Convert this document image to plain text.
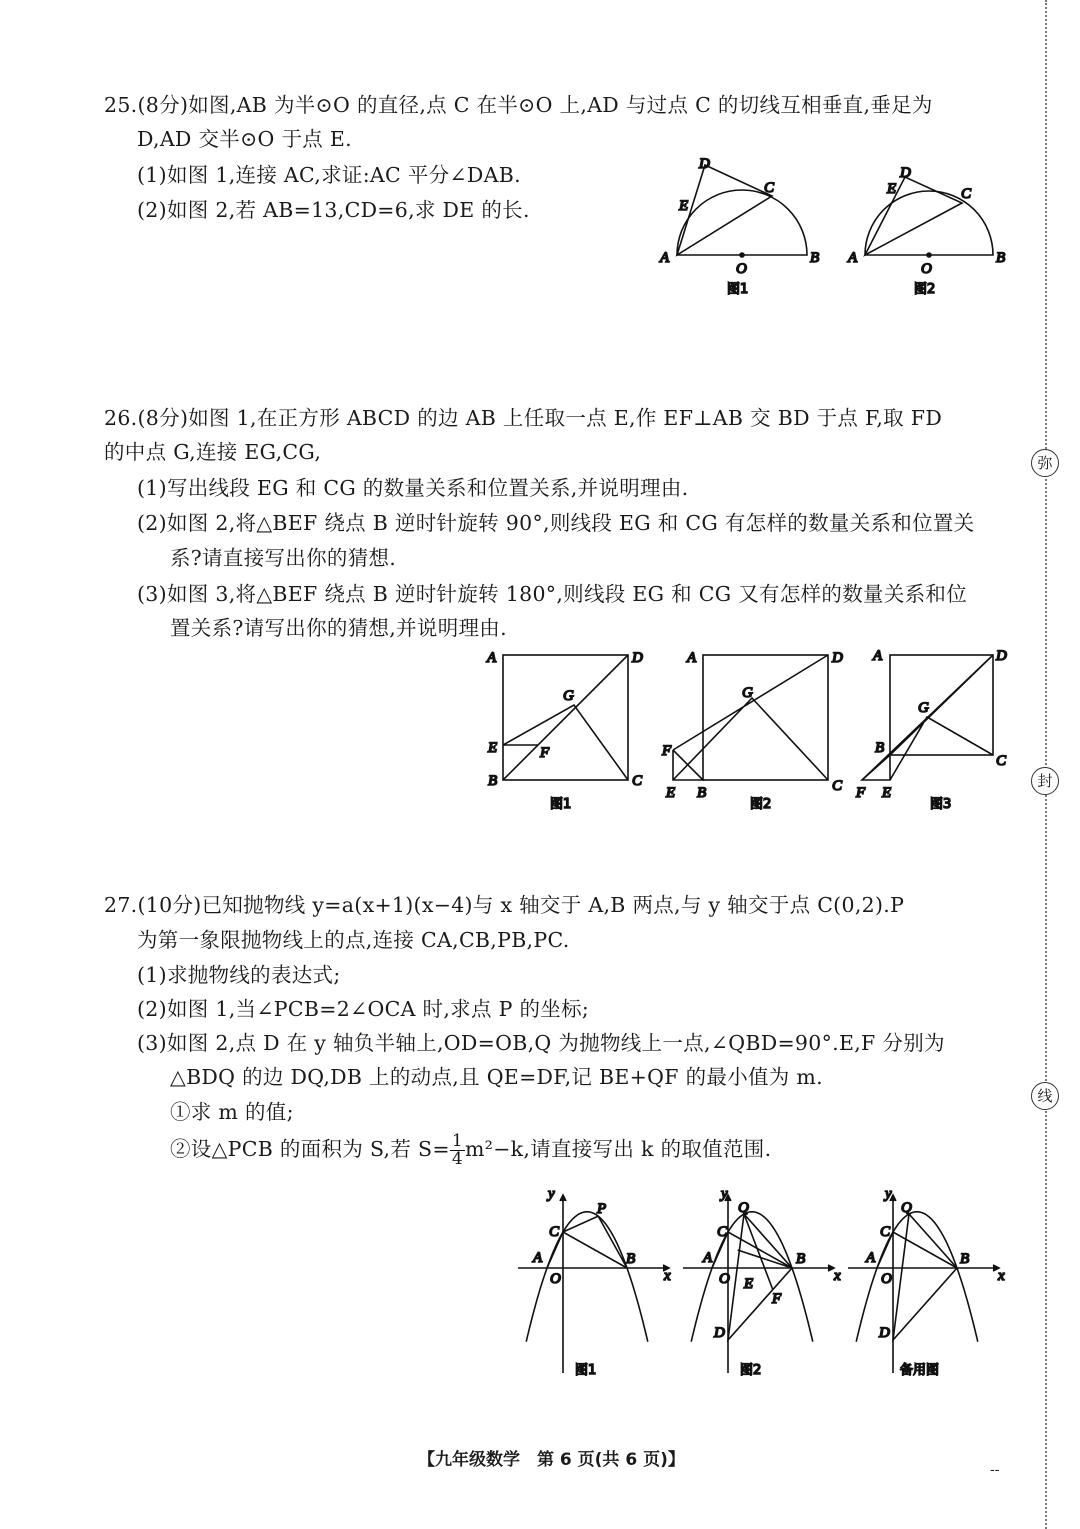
弥
封
线
25.(8分)如图,AB 为半⊙O 的直径,点 C 在半⊙O 上,AD 与过点 C 的切线互相垂直,垂足为
D,AD 交半⊙O 于点 E.
(1)如图 1,连接 AC,求证:AC 平分∠DAB.
(2)如图 2,若 AB=13,CD=6,求 DE 的长.
26.(8分)如图 1,在正方形 ABCD 的边 AB 上任取一点 E,作 EF⊥AB 交 BD 于点 F,取 FD
的中点 G,连接 EG,CG,
(1)写出线段 EG 和 CG 的数量关系和位置关系,并说明理由.
(2)如图 2,将△BEF 绕点 B 逆时针旋转 90°,则线段 EG 和 CG 有怎样的数量关系和位置关
系?请直接写出你的猜想.
(3)如图 3,将△BEF 绕点 B 逆时针旋转 180°,则线段 EG 和 CG 又有怎样的数量关系和位
置关系?请写出你的猜想,并说明理由.
27.(10分)已知抛物线 y=a(x+1)(x−4)与 x 轴交于 A,B 两点,与 y 轴交于点 C(0,2).P
为第一象限抛物线上的点,连接 CA,CB,PB,PC.
(1)求抛物线的表达式;
(2)如图 1,当∠PCB=2∠OCA 时,求点 P 的坐标;
(3)如图 2,点 D 在 y 轴负半轴上,OD=OB,Q 为抛物线上一点,∠QBD=90°.E,F 分别为
△BDQ 的边 DQ,DB 上的动点,且 QE=DF,记 BE+QF 的最小值为 m.
①求 m 的值;
②设△PCB 的面积为 S,若 $S= \frac{1}{4} m^2-k$,请直接写出 k 的取值范围.
【九年级数学　第 6 页(共 6 页)】	--
D
C
E
A
O
B
图1
D
E	C
A
O
B
图2
A	D
G
E	F
B	C
图1
A	D
G
F
E B	C
图2
A	D
G
B
C
F E
图3
y
C
P
A
O
B
x
图1
y
Q
C
A
O
B
x
E
F
D
图2
y
Q
C
A
O
B
x
D
备用图
